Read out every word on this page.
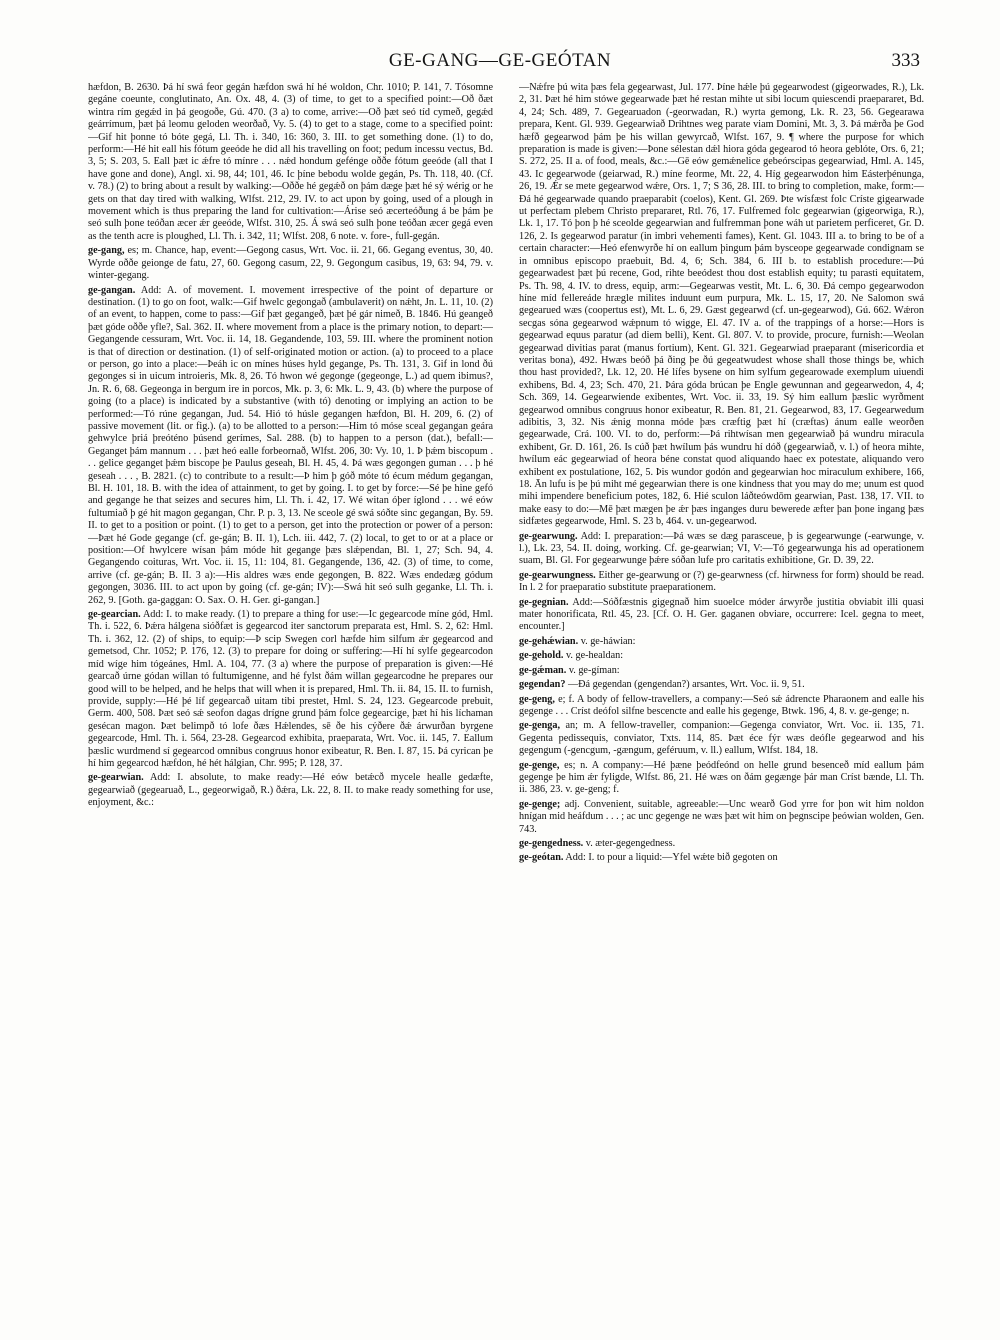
GE-GANG—GE-GEÓTAN	333

hæfdon, B. 2630. Þá hí swá feor gegán hæfdon swá hí hé woldon, Chr. 1010; P. 141, 7. Tósomne gegáne coeunte, conglutinato, An. Ox. 48, 4. (3) of time, to get to a specified point:—Oð ðæt wintra rím gegǽd in þá geogoðe, Gú. 470. (3 a) to come, arrive:—Oð þæt seó tíd cymeð, gegǽd geárrímum, þæt þá leomu geloden weorðað, Vy. 5. (4) to get to a stage, come to a specified point:—Gif hit þonne tó bóte gegá, Ll. Th. i. 340, 16: 360, 3. III. to get something done. (1) to do, perform:—Hé hit eall his fótum geeóde he did all his travelling on foot; pedum incessu vectus, Bd. 3, 5; S. 203, 5. Eall þæt ic ǽfre tó mínre . . . nǽd hondum gefénge oððe fótum geeóde (all that I have gone and done), Angl. xi. 98, 44; 101, 46. Ic þíne bebodu wolde gegán, Ps. Th. 118, 40. (Cf. v. 78.) (2) to bring about a result by walking:—Oððe hé gegǽð on þám dæge þæt hé sý wérig or he gets on that day tired with walking, Wlfst. 212, 29. IV. to act upon by going, used of a plough in movement which is thus preparing the land for cultivation:—Árise seó æcerteóðung á be þám þe seó sulh þone teóðan æcer ǽr geeóde, Wlfst. 310, 25. Á swá seó sulh þone teóðan æcer gegá even as the tenth acre is ploughed, Ll. Th. i. 342, 11; Wlfst. 208, 6 note. v. fore-, full-gegán.

ge-gang, es; m. Chance, hap, event:—Gegong casus, Wrt. Voc. ii. 21, 66. Gegang eventus, 30, 40. Wyrde oððe geionge de fatu, 27, 60. Gegong casum, 22, 9. Gegongum casibus, 19, 63: 94, 79. v. winter-gegang.

ge-gangan. Add: A. of movement. I. movement irrespective of the point of departure or destination. (1) to go on foot, walk:—Gif hwelc gegongað (ambulaverit) on nǽht, Jn. L. 11, 10. (2) of an event, to happen, come to pass:—Gif þæt gegangeð, þæt þé gár nimeð, B. 1846. Hú geangeð þæt góde oððe yfle?, Sal. 362. II. where movement from a place is the primary notion, to depart:—Gegangende cessuram, Wrt. Voc. ii. 14, 18. Gegandende, 103, 59. III. where the prominent notion is that of direction or destination. (1) of self-originated motion or action. (a) to proceed to a place or person, go into a place:—Þeáh ic on mínes húses hyld gegange, Ps. Th. 131, 3. Gif in lond ðú gegonges si in uicum introieris, Mk. 8, 26. Tó hwon wé gegonge (gegeonge, L.) ad quem ibimus?, Jn. R. 6, 68. Gegeonga in bergum ire in porcos, Mk. p. 3, 6: Mk. L. 9, 43. (b) where the purpose of going (to a place) is indicated by a substantive (with tó) denoting or implying an action to be performed:—Tó rúne gegangan, Jud. 54. Hió tó húsle gegangen hæfdon, Bl. H. 209, 6. (2) of passive movement (lit. or fig.). (a) to be allotted to a person:—Him tó móse sceal gegangan geára gehwylce þriá þreóténo þúsend gerímes, Sal. 288. (b) to happen to a person (dat.), befall:—Geganget þám mannum . . . þæt heó ealle forbeornað, Wlfst. 206, 30: Vy. 10, 1. Þ þǽm biscopum . . . gelice geganget þǽm biscope þe Paulus geseah, Bl. H. 45, 4. Þá wæs gegongen guman . . . þ hé geseah . . . , B. 2821. (c) to contribute to a result:—Þ him þ góð móte tó écum médum gegangan, Bl. H. 101, 18. B. with the idea of attainment, to get by going. I. to get by force:—Sé þe hine gefó and gegange he that seizes and secures him, Ll. Th. i. 42, 17. Wé witan óþer íglond . . . wé eów fultumiað þ gé hit magon gegangan, Chr. P. p. 3, 13. Ne sceole gé swá sóðte sinc gegangan, By. 59. II. to get to a position or point. (1) to get to a person, get into the protection or power of a person:—Þæt hé Gode gegange (cf. ge-gán; B. II. 1), Lch. iii. 442, 7. (2) local, to get to or at a place or position:—Of hwylcere wísan þám móde hit gegange þæs slǽpendan, Bl. 1, 27; Sch. 94, 4. Gegangendo coituras, Wrt. Voc. ii. 15, 11: 104, 81. Gegangende, 136, 42. (3) of time, to come, arrive (cf. ge-gán; B. II. 3 a):—His aldres wæs ende gegongen, B. 822. Wæs endedæg gódum gegongen, 3036. III. to act upon by going (cf. ge-gán; IV):—Swá hit seó sulh geganke, Ll. Th. i. 262, 9. [Goth. ga-gaggan: O. Sax. O. H. Ger. gi-gangan.]

ge-gearcian. Add: I. to make ready. (1) to prepare a thing for use:—Ic gegearcode míne gód, Hml. Th. i. 522, 6. Þǽra hálgena sióðfæt is gegearcod iter sanctorum preparata est, Hml. S. 2, 62: Hml. Th. i. 362, 12. (2) of ships, to equip:—Þ scip Swegen corl hæfde him silfum ǽr gegearcod and gemetsod, Chr. 1052; P. 176, 12. (3) to prepare for doing or suffering:—Hí hí sylfe gegearcodon míd wíge him tógeánes, Hml. A. 104, 77. (3 a) where the purpose of preparation is given:—Hé gearcað úrne gódan willan tó fultumigenne, and hé fylst ðám willan gegearcodne he prepares our good will to be helped, and he helps that will when it is prepared, Hml. Th. ii. 84, 15. II. to furnish, provide, supply:—Hé þé líf gegearcað uitam tibi prestet, Hml. S. 24, 123. Gegearcode prebuit, Germ. 400, 508. Þæt seó sǽ seofon dagas drígne grund þám folce gegearcige, þæt hí his líchaman gesécan magon. Þæt belimpð tó lofe ðæs Hǽlendes, sē ðe his cýðere ðǽ árwurðan byrgene gegearcode, Hml. Th. i. 564, 23-28. Gegearcod exhibita, praeparata, Wrt. Voc. ii. 145, 7. Eallum þæslic wurdmend sí gegearcod omnibus congruus honor exibeatur, R. Ben. I. 87, 15. Þá cyrican þe hí him gegearcod hæfdon, hé hét hálgian, Chr. 995; P. 128, 37.

ge-gearwian. Add: I. absolute, to make ready:—Hé eów betǽcð mycele healle gedæfte, gegearwiað (gegearuað, L., gegeorwigað, R.) ðǽra, Lk. 22, 8. II. to make ready something for use, enjoyment, &c.:

—Nǽfre þú wita þæs fela gegearwast, Jul. 177. Þíne hǽle þú gegearwodest (gigeorwades, R.), Lk. 2, 31. Þæt hé him stówe gegearwade þæt hé restan mihte ut sibi locum quiescendi praepararet, Bd. 4, 24; Sch. 489, 7. Gegearuadon (-georwadan, R.) wyrta gemong, Lk. R. 23, 56. Gegearawa prepara, Kent. Gl. 939. Gegearwiað Drihtnes weg parate viam Domini, Mt. 3, 3. Þá mǽrða þe God hæfð gegearwod þám þe his willan gewyrcað, Wlfst. 167, 9. ¶ where the purpose for which preparation is made is given:—Þone sélestan dǽl hiora góda gegearod tó heora geblóte, Ors. 6, 21; S. 272, 25. II a. of food, meals, &c.:—Gē eów gemǽnelice gebeórscipas gegearwiad, Hml. A. 145, 43. Ic gegearwode (geiarwad, R.) míne feorme, Mt. 22, 4. Híg gegearwodon him Eásterþénunga, 26, 19. Ǽr se mete gegearwod wǽre, Ors. 1, 7; S 36, 28. III. to bring to completion, make, form:—Ðá hé gegearwade quando praeparabit (coelos), Kent. Gl. 269. Þte wísfæst folc Críste gigearwade ut perfectam plebem Christo prepararet, Rtl. 76, 17. Fulfremed folc gegearwian (gigeorwiga, R.), Lk. 1, 17. Tó þon þ hé sceolde gegearwian and fulfremman þone wáh ut parietem perficeret, Gr. D. 126, 2. Is gegearwod paratur (in imbri vehementi fames), Kent. Gl. 1043. III a. to bring to be of a certain character:—Heó efenwyrðe hí on eallum þingum þám bysceope gegearwade condignam se in omnibus episcopo praebuit, Bd. 4, 6; Sch. 384, 6. III b. to establish procedure:—Þú gegearwadest þæt þú recene, God, rihte beeódest thou dost establish equity; tu parasti equitatem, Ps. Th. 98, 4. IV. to dress, equip, arm:—Gegearwas vestit, Mt. L. 6, 30. Ðá cempo gegearwodon híne míd fellereáde hrægle milites induunt eum purpura, Mk. L. 15, 17, 20. Ne Salomon swá gegearued wæs (coopertus est), Mt. L. 6, 29. Gæst gegearwd (cf. un-gegearwod), Gú. 662. Wǽron secgas sóna gegearwod wǽpnum tó wigge, El. 47. IV a. of the trappings of a horse:—Hors is gegearwad equus paratur (ad diem belli), Kent. Gl. 807. V. to provide, procure, furnish:—Weolan gegearwad divitias parat (manus fortium), Kent. Gl. 321. Gegearwiad praeparant (misericordia et veritas bona), 492. Hwæs beóð þá ðing þe ðú gegeatwudest whose shall those things be, which thou hast provided?, Lk. 12, 20. Hé lífes bysene on him sylfum gegearowade exemplum uiuendi exhibens, Bd. 4, 23; Sch. 470, 21. Þára góda brúcan þe Engle gewunnan and gegearwedon, 4, 4; Sch. 369, 14. Gegearwiende exibentes, Wrt. Voc. ii. 33, 19. Sý him eallum þæslic wyrðment gegearwod omnibus congruus honor exibeatur, R. Ben. 81, 21. Gegearwod, 83, 17. Gegearwedum adibitis, 3, 32. Nis ǽnig monna móde þæs cræftig þæt hí (cræftas) ánum ealle weorðen gegearwade, Crá. 100. VI. to do, perform:—Þá rihtwísan men gegearwiað þá wundru miracula exhibent, Gr. D. 161, 26. Is cúð þæt hwílum þás wundru hí dóð (gegearwiað, v. l.) of heora mihte, hwílum eác gegearwiad of heora béne constat quod aliquando haec ex potestate, aliquando vero exhibent ex postulatione, 162, 5. Þis wundor godón and gegearwian hoc miraculum exhibere, 166, 18. Ān lufu is þe þú miht mé gegearwian there is one kindness that you may do me; unum est quod mihi impendere beneficium potes, 182, 6. Hié sculon láðteówdōm gearwian, Past. 138, 17. VII. to make easy to do:—Mē þæt mægen þe ǽr þæs inganges duru bewerede æfter þan þone ingang þæs sidfætes gegearwode, Hml. S. 23 b, 464. v. un-gegearwod.

ge-gearwung. Add: I. preparation:—Þá wæs se dæg parasceue, þ is gegearwunge (-earwunge, v. l.), Lk. 23, 54. II. doing, working. Cf. ge-gearwian; VI, V:—Tó gegearwunga his ad operationem suam, Bl. Gl. For gegearwunge þǽre sóðan lufe pro caritatis exhibitione, Gr. D. 39, 22.

ge-gearwungness. Either ge-gearwung or (?) ge-gearwness (cf. hirwness for form) should be read. In l. 2 for praeparatio substitute praeparationem.

ge-gegnian. Add:—Sóðfæstnis gigegnað him suoelce móder árwyrðe justitia obviabit illi quasi mater honorificata, Rtl. 45, 23. [Cf. O. H. Ger. gaganen obviare, occurrere: Icel. gegna to meet, encounter.]

ge-gehǽwian. v. ge-háwian:

ge-gehold. v. ge-healdan:

ge-gǽman. v. ge-gíman:

gegendan? —Ðá gegendan (gengendan?) arsantes, Wrt. Voc. ii. 9, 51.

ge-geng, e; f. A body of fellow-travellers, a company:—Seó sǽ ádrencte Pharaonem and ealle his gegenge . . . Críst deófol silfne bescencte and ealle his gegenge, Btwk. 196, 4, 8. v. ge-genge; n.

ge-genga, an; m. A fellow-traveller, companion:—Gegenga conviator, Wrt. Voc. ii. 135, 71. Gegenta pedissequis, conviator, Txts. 114, 85. Þæt éce fýr wæs deófle gegearwod and his gegengum (-gencgum, -gængum, geféruum, v. ll.) eallum, Wlfst. 184, 18.

ge-genge, es; n. A company:—Hé þæne þeódfeónd on helle grund besenceð míd eallum þám gegenge þe him ǽr fyligde, Wlfst. 86, 21. Hé wæs on ðám gegænge þár man Críst bænde, Ll. Th. ii. 386, 23. v. ge-geng; f.

ge-genge; adj. Convenient, suitable, agreeable:—Unc wearð God yrre for þon wit him noldon hnígan mid heáfdum . . . ; ac unc gegenge ne wæs þæt wit him on þegnscipe þeówian wolden, Gen. 743.

ge-gengedness. v. æter-gegengedness.

ge-geótan. Add: I. to pour a liquid:—Yfel wǽte bið gegoten on
